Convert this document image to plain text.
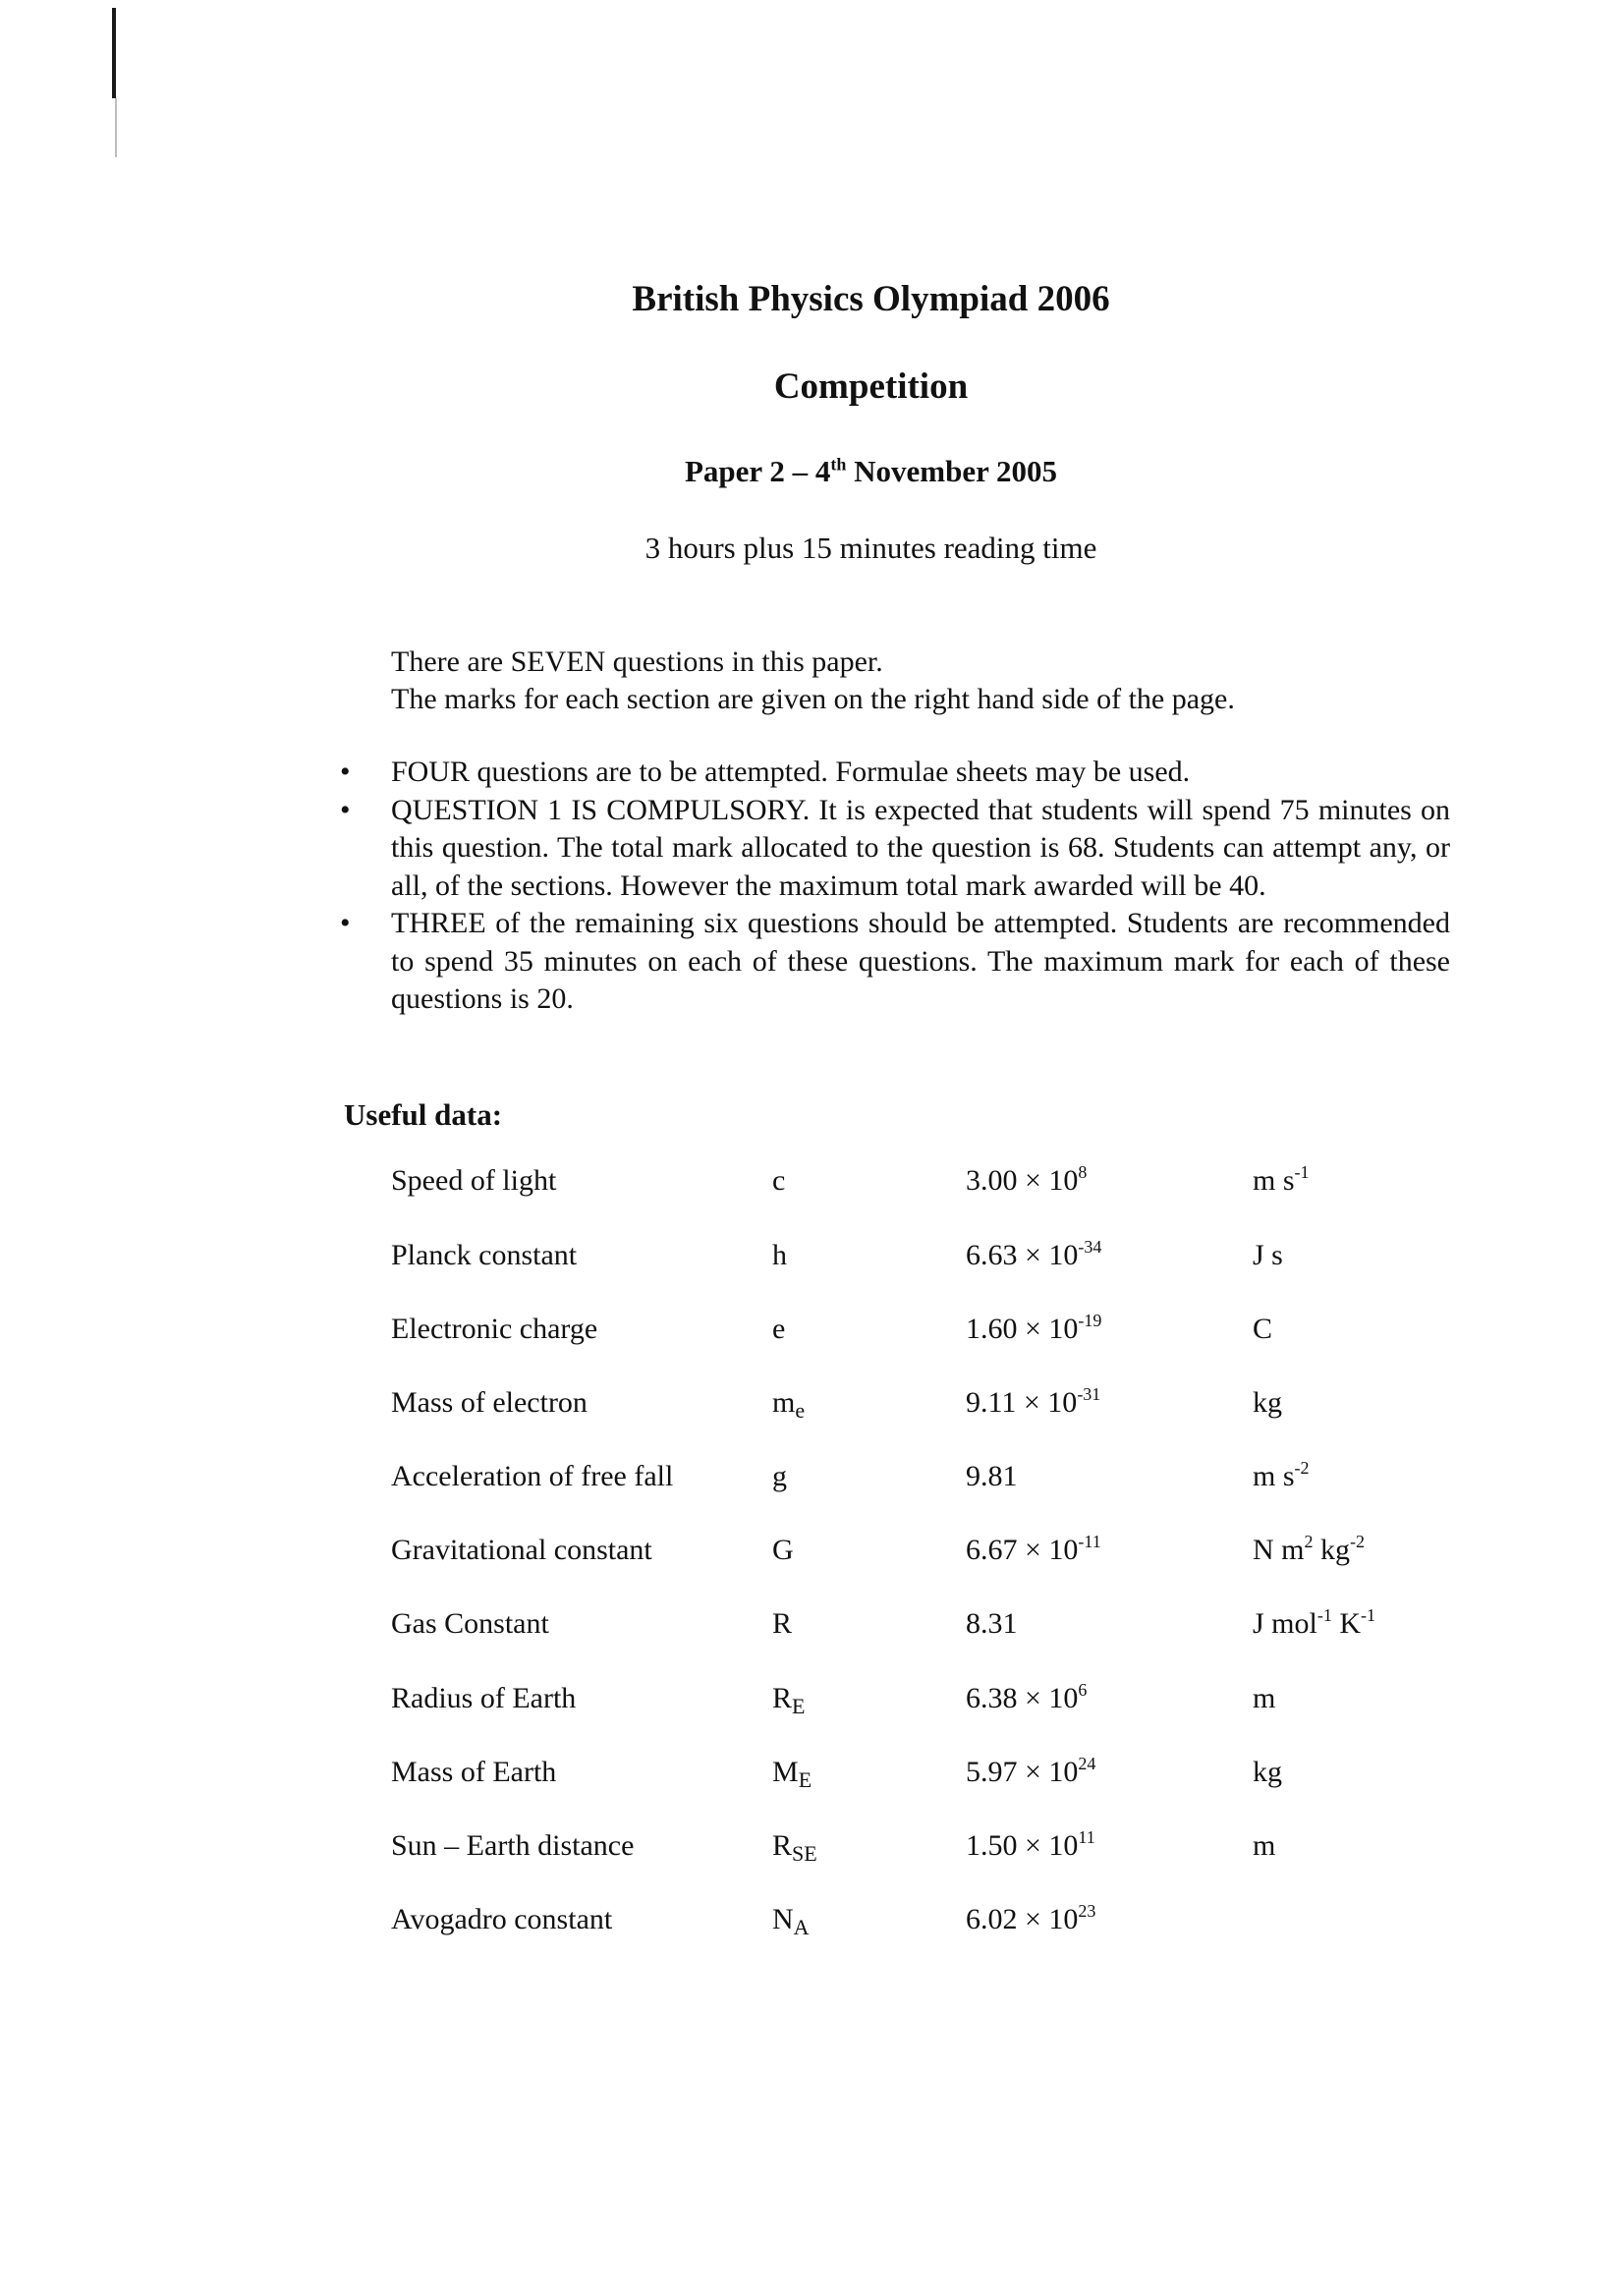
British Physics Olympiad 2006
Competition
Paper 2 – 4th November 2005
3 hours plus 15 minutes reading time
There are SEVEN questions in this paper.
The marks for each section are given on the right hand side of the page.
•	FOUR questions are to be attempted. Formulae sheets may be used.
•	QUESTION 1 IS COMPULSORY. It is expected that students will spend 75 minutes on this question. The total mark allocated to the question is 68. Students can attempt any, or all, of the sections. However the maximum total mark awarded will be 40.
•	THREE of the remaining six questions should be attempted. Students are recommended to spend 35 minutes on each of these questions. The maximum mark for each of these questions is 20.
Useful data:
Speed of light	c	$3.00 \times 10^8$	m $s^{-1}$
Planck constant	h	$6.63 \times 10^{-34}$	J s
Electronic charge	e	$1.60 \times 10^{-19}$	C
Mass of electron	$m_e$	$9.11 \times 10^{-31}$	kg
Acceleration of free fall	g	9.81	m $s^{-2}$
Gravitational constant	G	$6.67 \times 10^{-11}$	N $m^2$ $kg^{-2}$
Gas Constant	R	8.31	J mol$^{-1}$ $K^{-1}$
Radius of Earth	$R_E$	$6.38 \times 10^6$	m
Mass of Earth	$M_E$	$5.97 \times 10^{24}$	kg
Sun – Earth distance	$R_{SE}$	$1.50 \times 10^{11}$	m
Avogadro constant	$N_A$	$6.02 \times 10^{23}$
